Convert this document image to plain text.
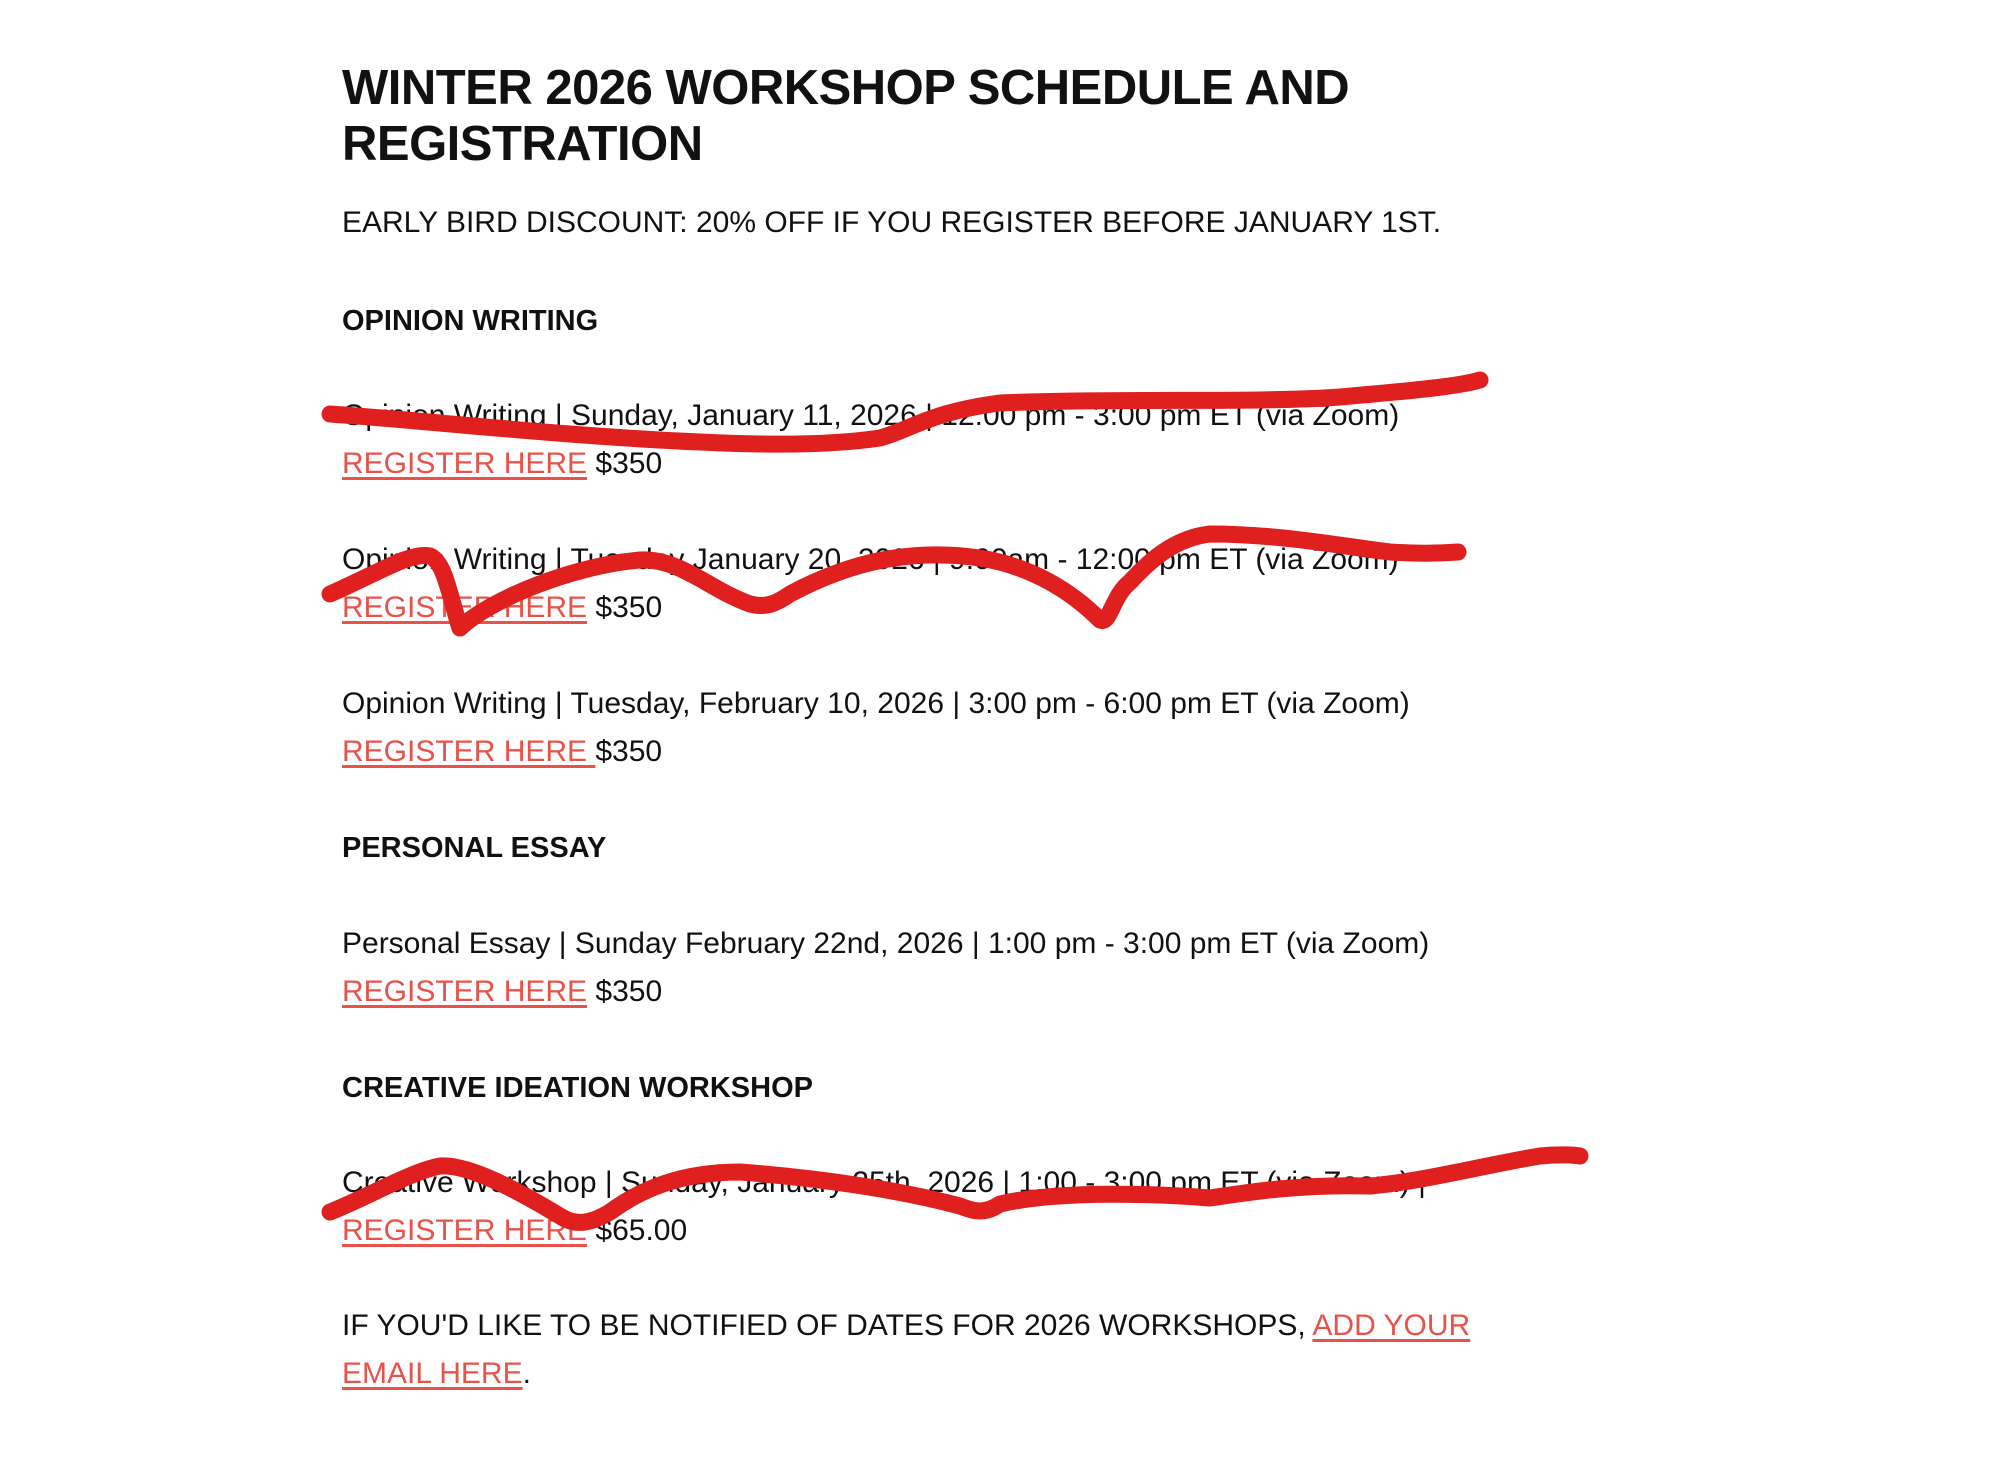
WINTER 2026 WORKSHOP SCHEDULE AND REGISTRATION
EARLY BIRD DISCOUNT: 20% OFF IF YOU REGISTER BEFORE JANUARY 1ST.
OPINION WRITING
Opinion Writing | Sunday, January 11, 2026 | 12:00 pm - 3:00 pm ET (via Zoom)
REGISTER HERE $350
Opinion Writing | Tuesday January 20, 2026 | 9:00am - 12:00 pm ET (via Zoom)
REGISTER HERE $350
Opinion Writing | Tuesday, February 10, 2026 | 3:00 pm - 6:00 pm ET (via Zoom)
REGISTER HERE $350
PERSONAL ESSAY
Personal Essay | Sunday February 22nd, 2026 | 1:00 pm - 3:00 pm ET (via Zoom)
REGISTER HERE $350
CREATIVE IDEATION WORKSHOP
Creative Workshop | Sunday, January 25th, 2026 | 1:00 - 3:00 pm ET (via Zoom) |
REGISTER HERE $65.00
IF YOU'D LIKE TO BE NOTIFIED OF DATES FOR 2026 WORKSHOPS, ADD YOUR EMAIL HERE.
